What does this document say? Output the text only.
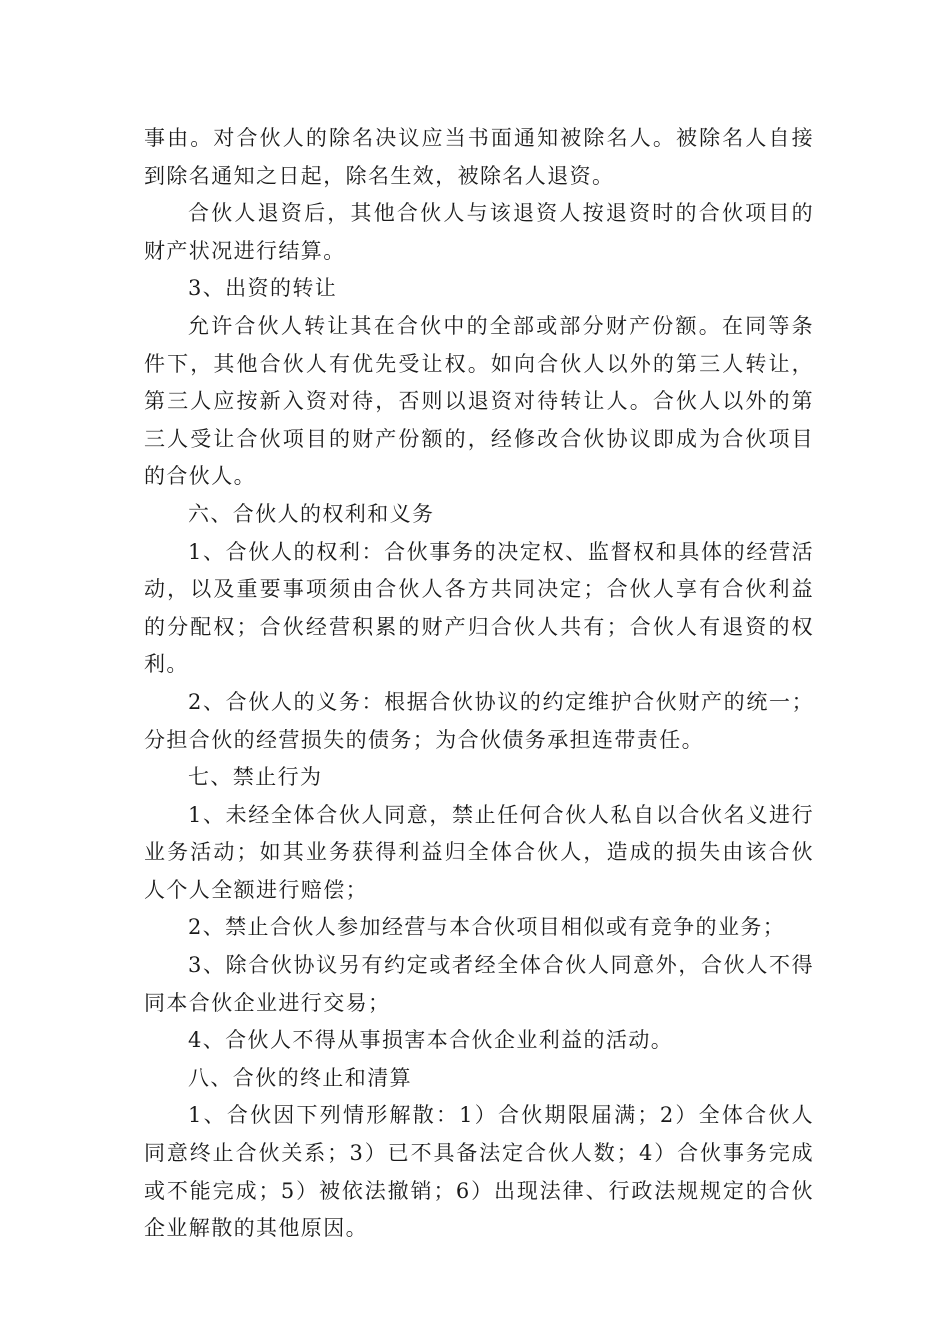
事由。对合伙人的除名决议应当书面通知被除名人。被除名人自接到除名通知之日起，除名生效，被除名人退资。

合伙人退资后，其他合伙人与该退资人按退资时的合伙项目的财产状况进行结算。

3、出资的转让

允许合伙人转让其在合伙中的全部或部分财产份额。在同等条件下，其他合伙人有优先受让权。如向合伙人以外的第三人转让，第三人应按新入资对待，否则以退资对待转让人。合伙人以外的第三人受让合伙项目的财产份额的，经修改合伙协议即成为合伙项目的合伙人。

六、合伙人的权利和义务

1、合伙人的权利：合伙事务的决定权、监督权和具体的经营活动，以及重要事项须由合伙人各方共同决定；合伙人享有合伙利益的分配权；合伙经营积累的财产归合伙人共有；合伙人有退资的权利。

2、合伙人的义务：根据合伙协议的约定维护合伙财产的统一；分担合伙的经营损失的债务；为合伙债务承担连带责任。

七、禁止行为

1、未经全体合伙人同意，禁止任何合伙人私自以合伙名义进行业务活动；如其业务获得利益归全体合伙人，造成的损失由该合伙人个人全额进行赔偿；

2、禁止合伙人参加经营与本合伙项目相似或有竞争的业务；

3、除合伙协议另有约定或者经全体合伙人同意外，合伙人不得同本合伙企业进行交易；

4、合伙人不得从事损害本合伙企业利益的活动。

八、合伙的终止和清算

1、合伙因下列情形解散：1）合伙期限届满；2）全体合伙人同意终止合伙关系；3）已不具备法定合伙人数；4）合伙事务完成或不能完成；5）被依法撤销；6）出现法律、行政法规规定的合伙企业解散的其他原因。
